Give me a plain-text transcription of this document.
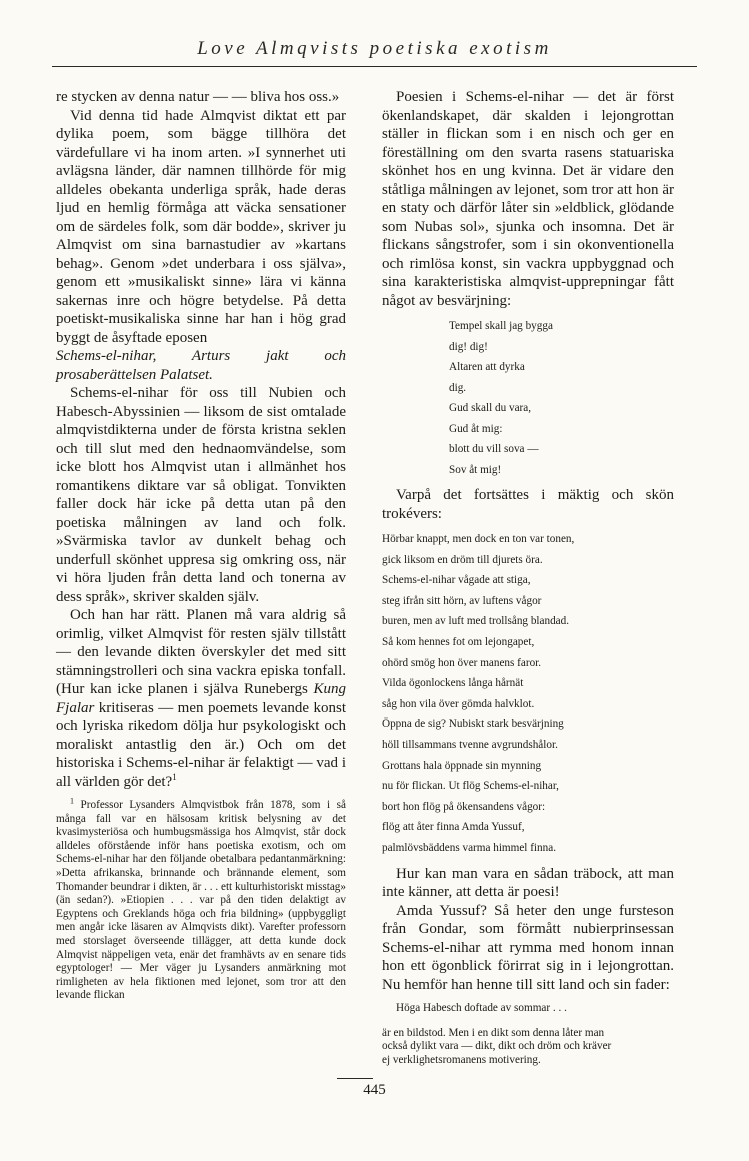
Love Almqvists poetiska exotism

re stycken av denna natur — — bliva hos oss.»

Vid denna tid hade Almqvist diktat ett par dylika poem, som bägge tillhöra det värdefullare vi ha inom arten. »I synnerhet uti avlägsna länder, där namnen tillhörde för mig alldeles obekanta underliga språk, hade deras ljud en hemlig förmåga att väcka sensationer om de särdeles folk, som där bodde», skriver ju Almqvist om sina barnastudier av »kartans behag». Genom »det underbara i oss själva», genom ett »musikaliskt sinne» lära vi känna sakernas inre och högre betydelse. På detta poetiskt-musikaliska sinne har han i hög grad byggt de åsyftade eposen

Schems-el-nihar, Arturs jakt och prosaberättelsen Palatset.

Schems-el-nihar för oss till Nubien och Habesch-Abyssinien — liksom de sist omtalade almqvistdikterna under de första kristna seklen och till slut med den hednaomvändelse, som icke blott hos Almqvist utan i allmänhet hos romantikens diktare var så obligat. Tonvikten faller dock här icke på detta utan på den poetiska målningen av land och folk. »Svärmiska tavlor av dunkelt behag och underfull skönhet uppresa sig omkring oss, när vi höra ljuden från detta land och tonerna av dess språk», skriver skalden själv.

Och han har rätt. Planen må vara aldrig så orimlig, vilket Almqvist för resten själv tillstått — den levande dikten överskyler det med sitt stämningstrolleri och sina vackra episka tonfall. (Hur kan icke planen i själva Runebergs Kung Fjalar kritiseras — men poemets levande konst och lyriska rikedom dölja hur psykologiskt och moraliskt antastlig den är.) Och om det historiska i Schems-el-nihar är felaktigt — vad i all världen gör det?$^1$

$^1$ Professor Lysanders Almqvistbok från 1878, som i så många fall var en hälsosam kritisk belysning av det kvasimysteriösa och humbugsmässiga hos Almqvist, står dock alldeles oförstående inför hans poetiska exotism, och om Schems-el-nihar har den följande obetalbara pedantanmärkning: »Detta afrikanska, brinnande och brännande element, som Thomander beundrar i dikten, är . . . ett kulturhistoriskt misstag» (än sedan?). »Etiopien . . . var på den tiden delaktigt av Egyptens och Greklands höga och fria bildning» (uppbyggligt men angår icke läsaren av Almqvists dikt). Varefter professorn med storslaget överseende tillägger, att detta kunde dock Almqvist näppeligen veta, enär det framhävts av en senare tids egyptologer! — Mer väger ju Lysanders anmärkning mot rimligheten av hela fiktionen med lejonet, som tror att den levande flickan

Poesien i Schems-el-nihar — det är först ökenlandskapet, där skalden i lejongrottan ställer in flickan som i en nisch och ger en föreställning om den svarta rasens statuariska skönhet hos en ung kvinna. Det är vidare den ståtliga målningen av lejonet, som tror att hon är en staty och därför låter sin »eldblick, glödande som Nubas sol», sjunka och insomna. Det är flickans sångstrofer, som i sin okonventionella och rimlösa konst, sin vackra uppbyggnad och sina karakteristiska almqvist-upprepningar fått något av besvärjning:

Tempel skall jag bygga
dig! dig!
Altaren att dyrka
dig.
Gud skall du vara,
Gud åt mig:
blott du vill sova —
Sov åt mig!

Varpå det fortsättes i mäktig och skön trokévers:

Hörbar knappt, men dock en ton var tonen,
gick liksom en dröm till djurets öra.
Schems-el-nihar vågade att stiga,
steg ifrån sitt hörn, av luftens vågor
buren, men av luft med trollsång blandad.
Så kom hennes fot om lejongapet,
ohörd smög hon över manens faror.
Vilda ögonlockens långa hårnät
såg hon vila över gömda halvklot.
Öppna de sig? Nubiskt stark besvärjning
höll tillsammans tvenne avgrundshålor.
Grottans hala öppnade sin mynning
nu för flickan. Ut flög Schems-el-nihar,
bort hon flög på ökensandens vågor:
flög att åter finna Amda Yussuf,
palmlövsbäddens varma himmel finna.

Hur kan man vara en sådan träbock, att man inte känner, att detta är poesi!

Amda Yussuf? Så heter den unge fursteson från Gondar, som förmått nubierprinsessan Schems-el-nihar att rymma med honom innan hon ett ögonblick förirrat sig in i lejongrottan. Nu hemför han henne till sitt land och sin fader:

Höga Habesch doftade av sommar . . .
är en bildstod. Men i en dikt som denna låter man
också dylikt vara — dikt, dikt och dröm och kräver
ej verklighetsromanens motivering.
445
